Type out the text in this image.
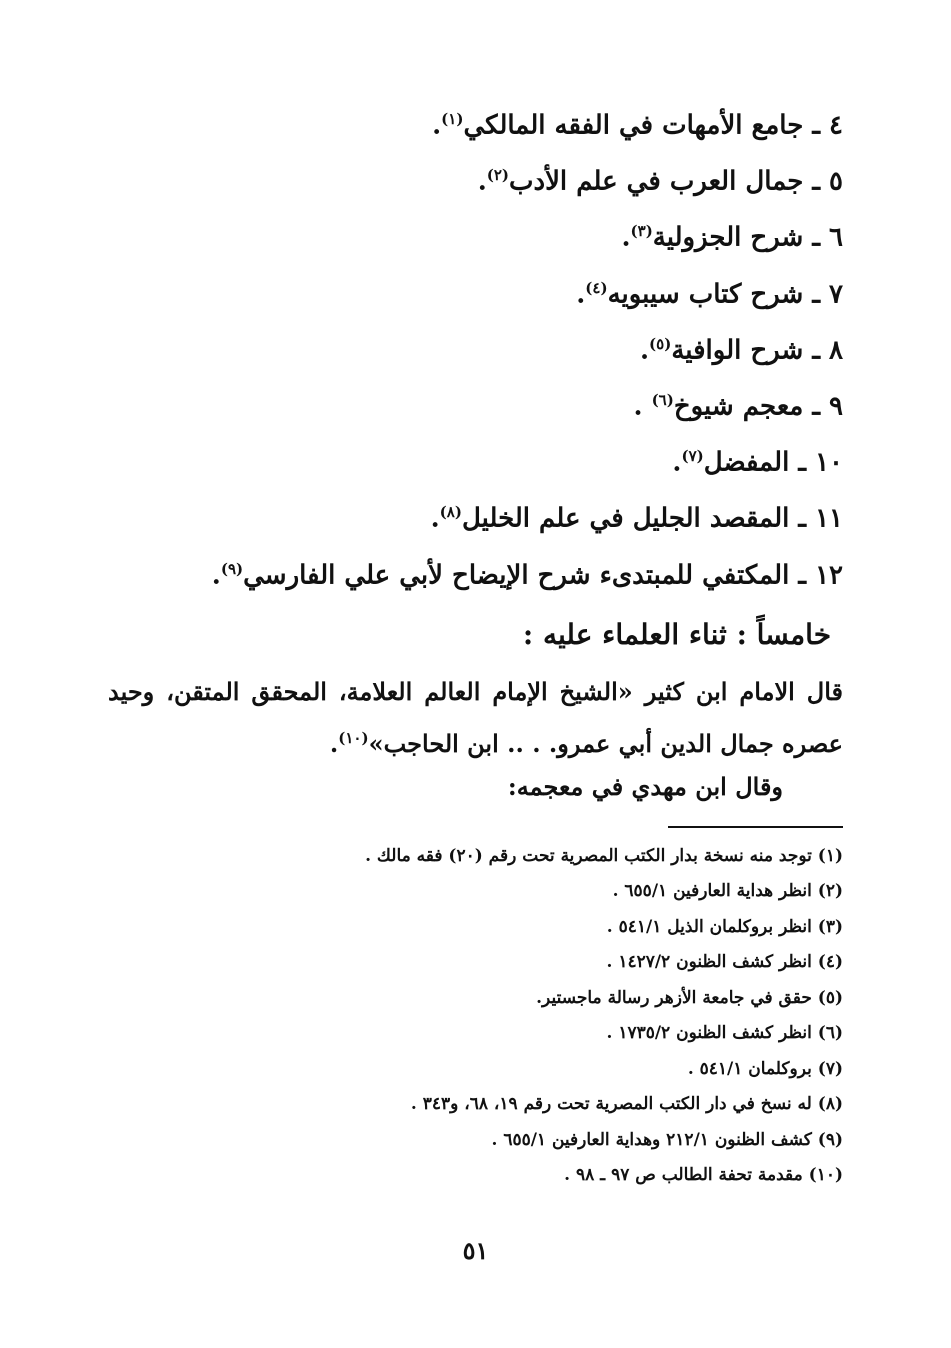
٤ ـ جامع الأمهات في الفقه المالكي$^{(١)}$.
٥ ـ جمال العرب في علم الأدب$^{(٢)}$.
٦ ـ شرح الجزولية$^{(٣)}$.
٧ ـ شرح كتاب سيبويه$^{(٤)}$.
٨ ـ شرح الوافية$^{(٥)}$.
٩ ـ معجم شيوخ$^{(٦)}$ .
١٠ ـ المفضل$^{(٧)}$.
١١ ـ المقصد الجليل في علم الخليل$^{(٨)}$.
١٢ ـ المكتفي للمبتدىء شرح الإيضاح لأبي علي الفارسي$^{(٩)}$.
خامساً : ثناء العلماء عليه :
قال الامام ابن كثير «الشيخ الإمام العالم العلامة، المحقق المتقن، وحيد عصره جمال الدين أبي عمرو. . .. ابن الحاجب»$^{(١٠)}$.
وقال ابن مهدي في معجمه:
(١) توجد منه نسخة بدار الكتب المصرية تحت رقم (٢٠) فقه مالك .
(٢) انظر هداية العارفين ٦٥٥/١ .
(٣) انظر بروكلمان ‏الذيل ٥٤١/١ .
(٤) انظر كشف الظنون ١٤٢٧/٢ .
(٥) حقق في جامعة الأزهر رسالة ماجستير.
(٦) انظر كشف الظنون ١٧٣٥/٢ .
(٧) بروكلمان ٥٤١/١ .
(٨) له نسخ في دار الكتب المصرية تحت رقم ١٩، ٦٨، و٣٤٣ .
(٩) كشف الظنون ٢١٢/١ وهداية العارفين ٦٥٥/١ .
(١٠) مقدمة تحفة الطالب ص ٩٧ ـ ٩٨ .
٥١
